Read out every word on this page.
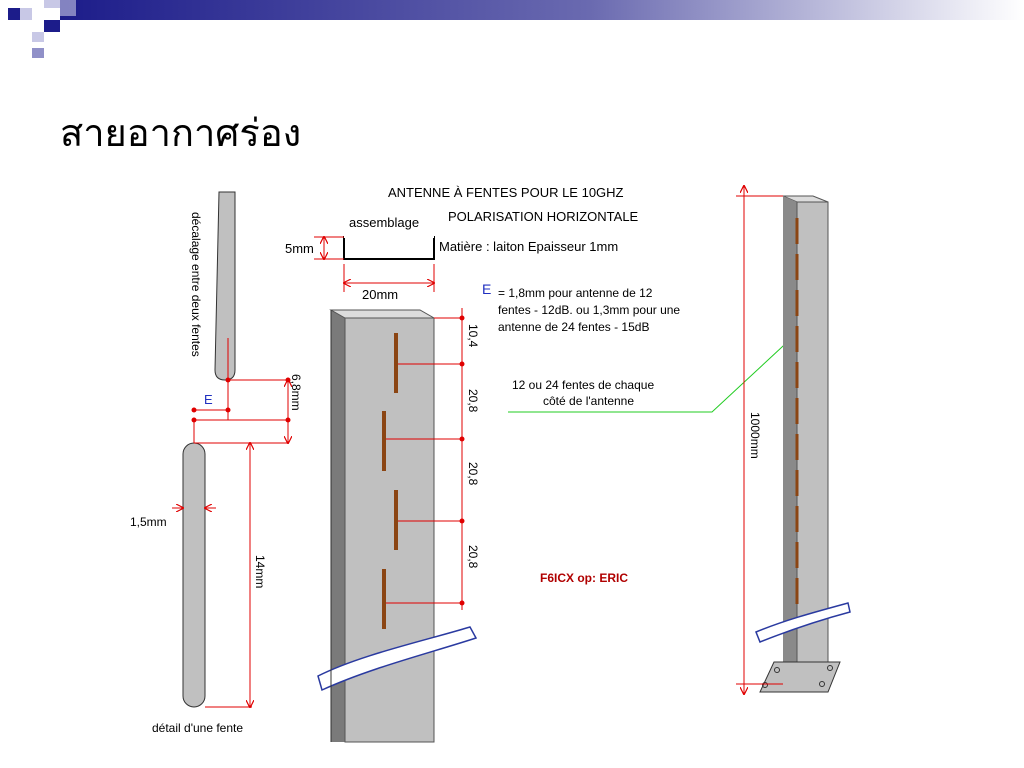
สายอากาศร่อง
décalage entre deux fentes
E	6,8mm
1,5mm
14mm
détail d'une fente
ANTENNE À FENTES POUR LE 10GHZ
POLARISATION HORIZONTALE
assemblage
5mm
20mm
Matière : laiton Epaisseur 1mm
10,4
20,8
20,8
20,8
E = 1,8mm pour antenne de 12
fentes - 12dB. ou 1,3mm pour une
antenne de 24 fentes - 15dB
12 ou 24 fentes de chaque
côté de l'antenne
F6ICX op: ERIC
1000mm
